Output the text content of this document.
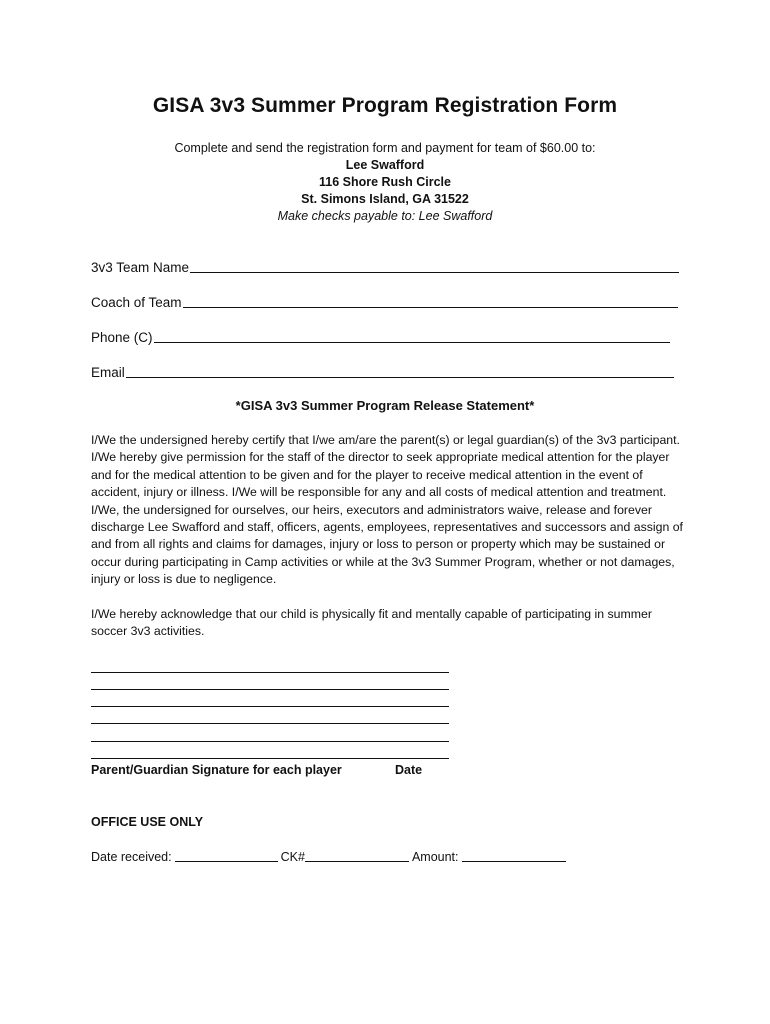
GISA 3v3 Summer Program Registration Form
Complete and send the registration form and payment for team of $60.00 to:
Lee Swafford
116 Shore Rush Circle
St. Simons Island, GA 31522
Make checks payable to: Lee Swafford
3v3 Team Name
Coach of Team
Phone (C)
Email
*GISA 3v3 Summer Program Release Statement*

I/We the undersigned hereby certify that I/we am/are the parent(s) or legal guardian(s) of the 3v3 participant. I/We hereby give permission for the staff of the director to seek appropriate medical attention for the player and for the medical attention to be given and for the player to receive medical attention in the event of accident, injury or illness. I/We will be responsible for any and all costs of medical attention and treatment. I/We, the undersigned for ourselves, our heirs, executors and administrators waive, release and forever discharge Lee Swafford and staff, officers, agents, employees, representatives and successors and assign of and from all rights and claims for damages, injury or loss to person or property which may be sustained or occur during participating in Camp activities or while at the 3v3 Summer Program, whether or not damages, injury or loss is due to negligence.

I/We hereby acknowledge that our child is physically fit and mentally capable of participating in summer soccer 3v3 activities.

Parent/Guardian Signature for each player	Date
OFFICE USE ONLY
Date received:	CK#	Amount:
